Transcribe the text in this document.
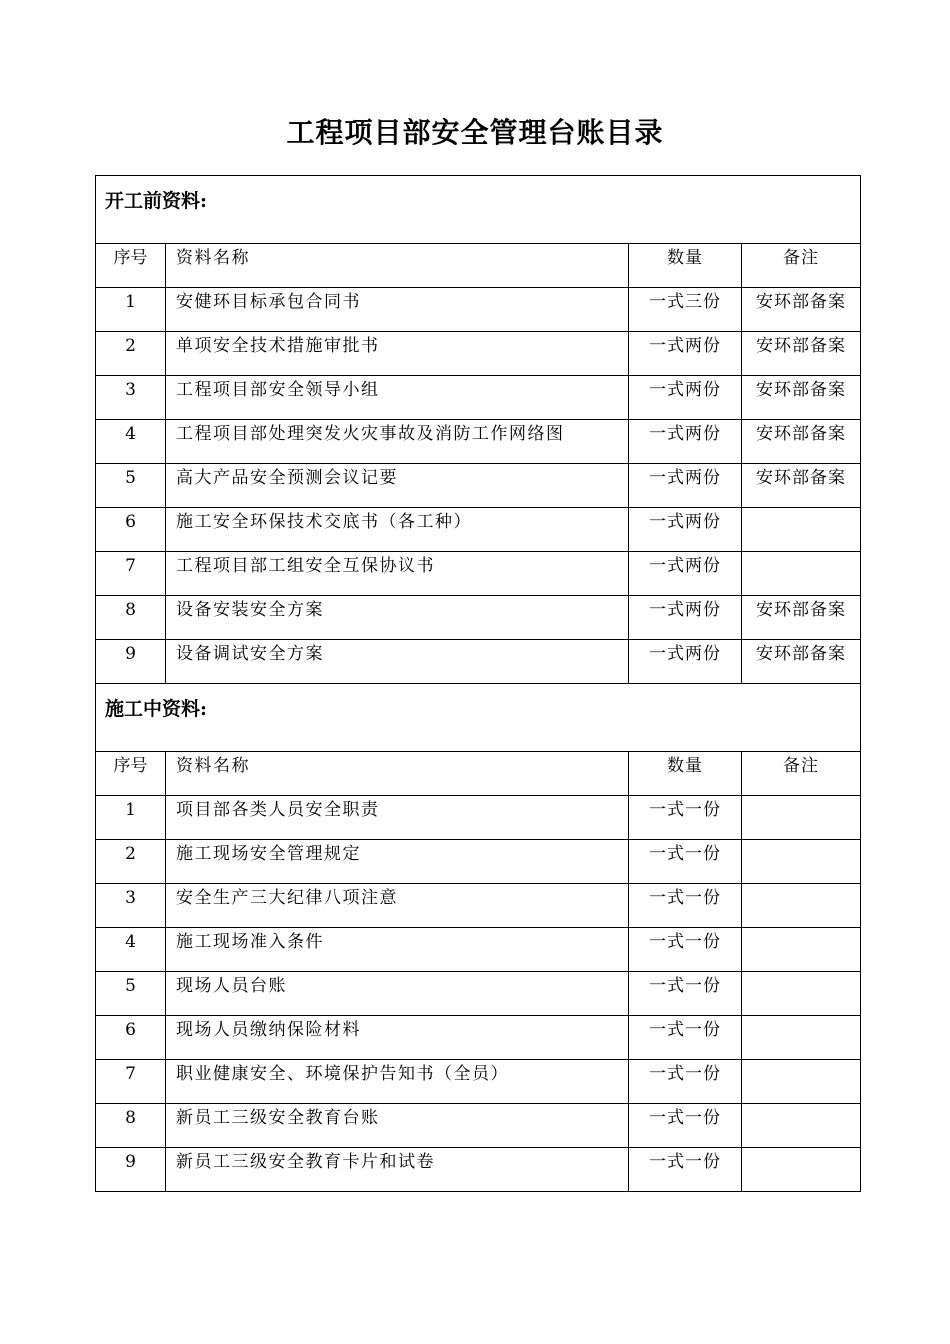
工程项目部安全管理台账目录
开工前资料:			
序号	资料名称	数量	备注
1	安健环目标承包合同书	一式三份	安环部备案
2	单项安全技术措施审批书	一式两份	安环部备案
3	工程项目部安全领导小组	一式两份	安环部备案
4	工程项目部处理突发火灾事故及消防工作网络图	一式两份	安环部备案
5	高大产品安全预测会议记要	一式两份	安环部备案
6	施工安全环保技术交底书（各工种）	一式两份	
7	工程项目部工组安全互保协议书	一式两份	
8	设备安装安全方案	一式两份	安环部备案
9	设备调试安全方案	一式两份	安环部备案
施工中资料:			
序号	资料名称	数量	备注
1	项目部各类人员安全职责	一式一份	
2	施工现场安全管理规定	一式一份	
3	安全生产三大纪律八项注意	一式一份	
4	施工现场准入条件	一式一份	
5	现场人员台账	一式一份	
6	现场人员缴纳保险材料	一式一份	
7	职业健康安全、环境保护告知书（全员）	一式一份	
8	新员工三级安全教育台账	一式一份	
9	新员工三级安全教育卡片和试卷	一式一份	
